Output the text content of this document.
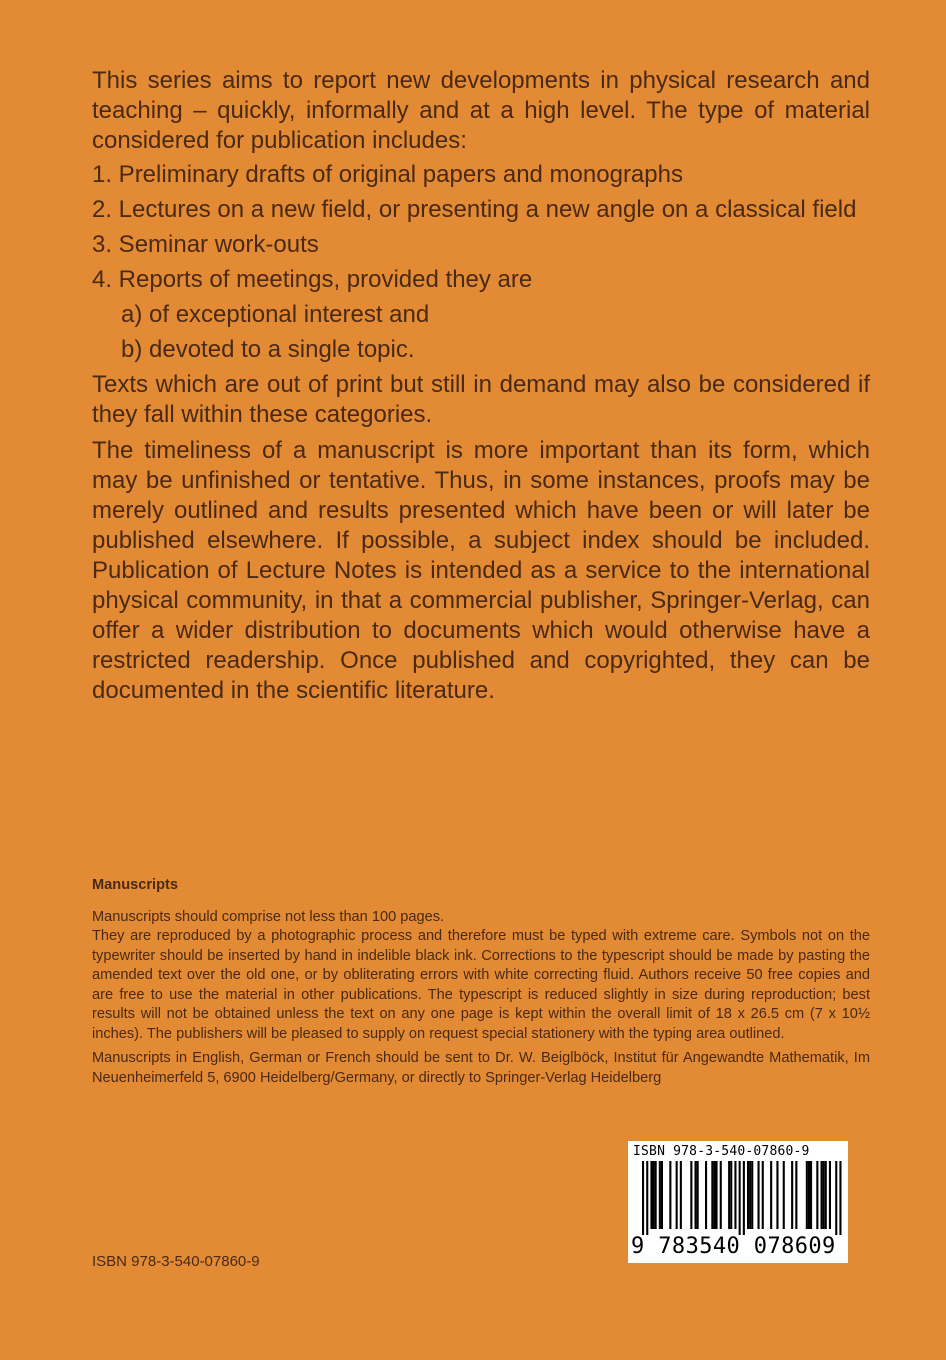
This series aims to report new developments in physical research and teaching – quickly, informally and at a high level. The type of material considered for publication includes:

1. Preliminary drafts of original papers and monographs

2. Lectures on a new field, or presenting a new angle on a classical field

3. Seminar work-outs

4. Reports of meetings, provided they are

a) of exceptional interest and

b) devoted to a single topic.

Texts which are out of print but still in demand may also be considered if they fall within these categories.

The timeliness of a manuscript is more important than its form, which may be unfinished or tentative. Thus, in some instances, proofs may be merely outlined and results presented which have been or will later be published elsewhere. If possible, a subject index should be included. Publication of Lecture Notes is intended as a service to the international physical community, in that a commercial publisher, Springer-Verlag, can offer a wider distribution to documents which would otherwise have a restricted readership. Once published and copyrighted, they can be documented in the scientific literature.

Manuscripts

Manuscripts should comprise not less than 100 pages.

They are reproduced by a photographic process and therefore must be typed with extreme care. Symbols not on the typewriter should be inserted by hand in indelible black ink. Corrections to the typescript should be made by pasting the amended text over the old one, or by obliterating errors with white correcting fluid. Authors receive 50 free copies and are free to use the material in other publications. The typescript is reduced slightly in size during reproduction; best results will not be obtained unless the text on any one page is kept within the overall limit of 18 x 26.5 cm (7 x 10½ inches). The publishers will be pleased to supply on request special stationery with the typing area outlined.

Manuscripts in English, German or French should be sent to Dr. W. Beiglböck, Institut für Angewandte Mathematik, Im Neuenheimerfeld 5, 6900 Heidelberg/Germany, or directly to Springer-Verlag Heidelberg

ISBN 978-3-540-07860-9
ISBN 978-3-540-07860-9
9 783540 078609
